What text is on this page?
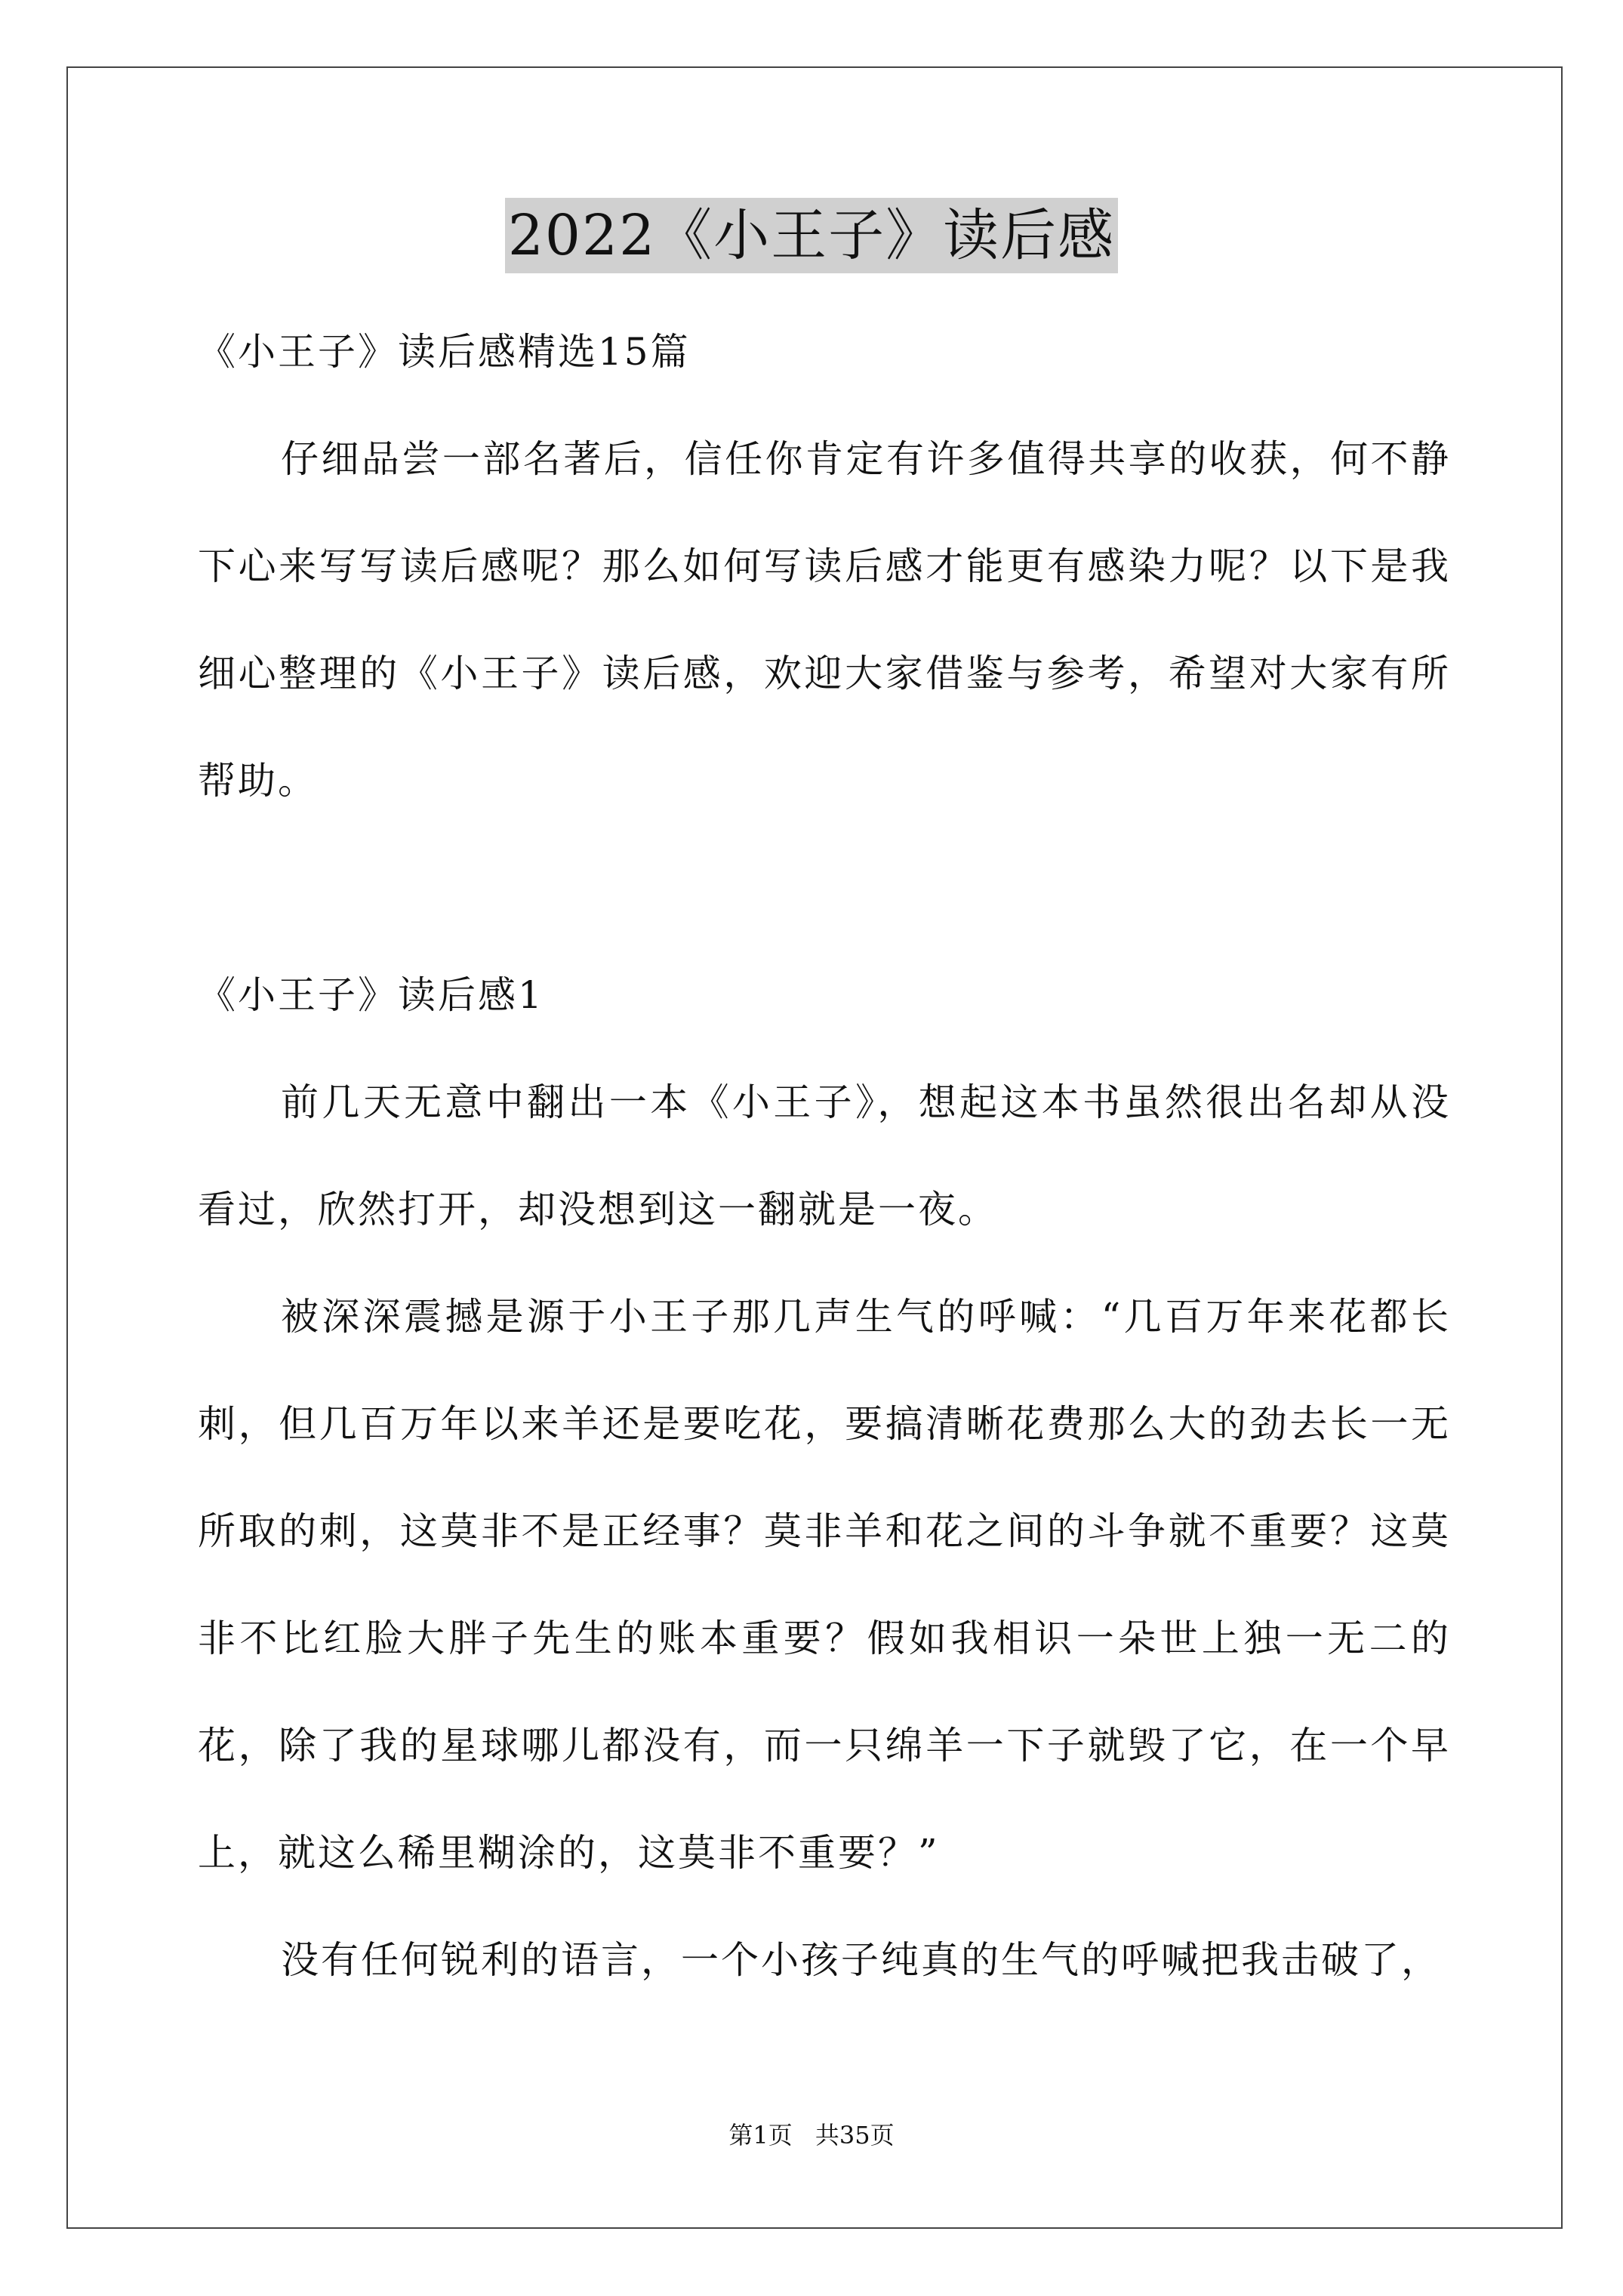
2022《小王子》读后感

《小王子》读后感精选15篇

仔细品尝一部名著后，信任你肯定有许多值得共享的收获，何不静下心来写写读后感呢？那么如何写读后感才能更有感染力呢？以下是我细心整理的《小王子》读后感，欢迎大家借鉴与参考，希望对大家有所帮助。

《小王子》读后感1

前几天无意中翻出一本《小王子》，想起这本书虽然很出名却从没看过，欣然打开，却没想到这一翻就是一夜。

被深深震撼是源于小王子那几声生气的呼喊：“几百万年来花都长刺，但几百万年以来羊还是要吃花，要搞清晰花费那么大的劲去长一无所取的刺，这莫非不是正经事？莫非羊和花之间的斗争就不重要？这莫非不比红脸大胖子先生的账本重要？假如我相识一朵世上独一无二的花，除了我的星球哪儿都没有，而一只绵羊一下子就毁了它，在一个早上，就这么稀里糊涂的，这莫非不重要？”

没有任何锐利的语言，一个小孩子纯真的生气的呼喊把我击破了，

第1页 共35页
